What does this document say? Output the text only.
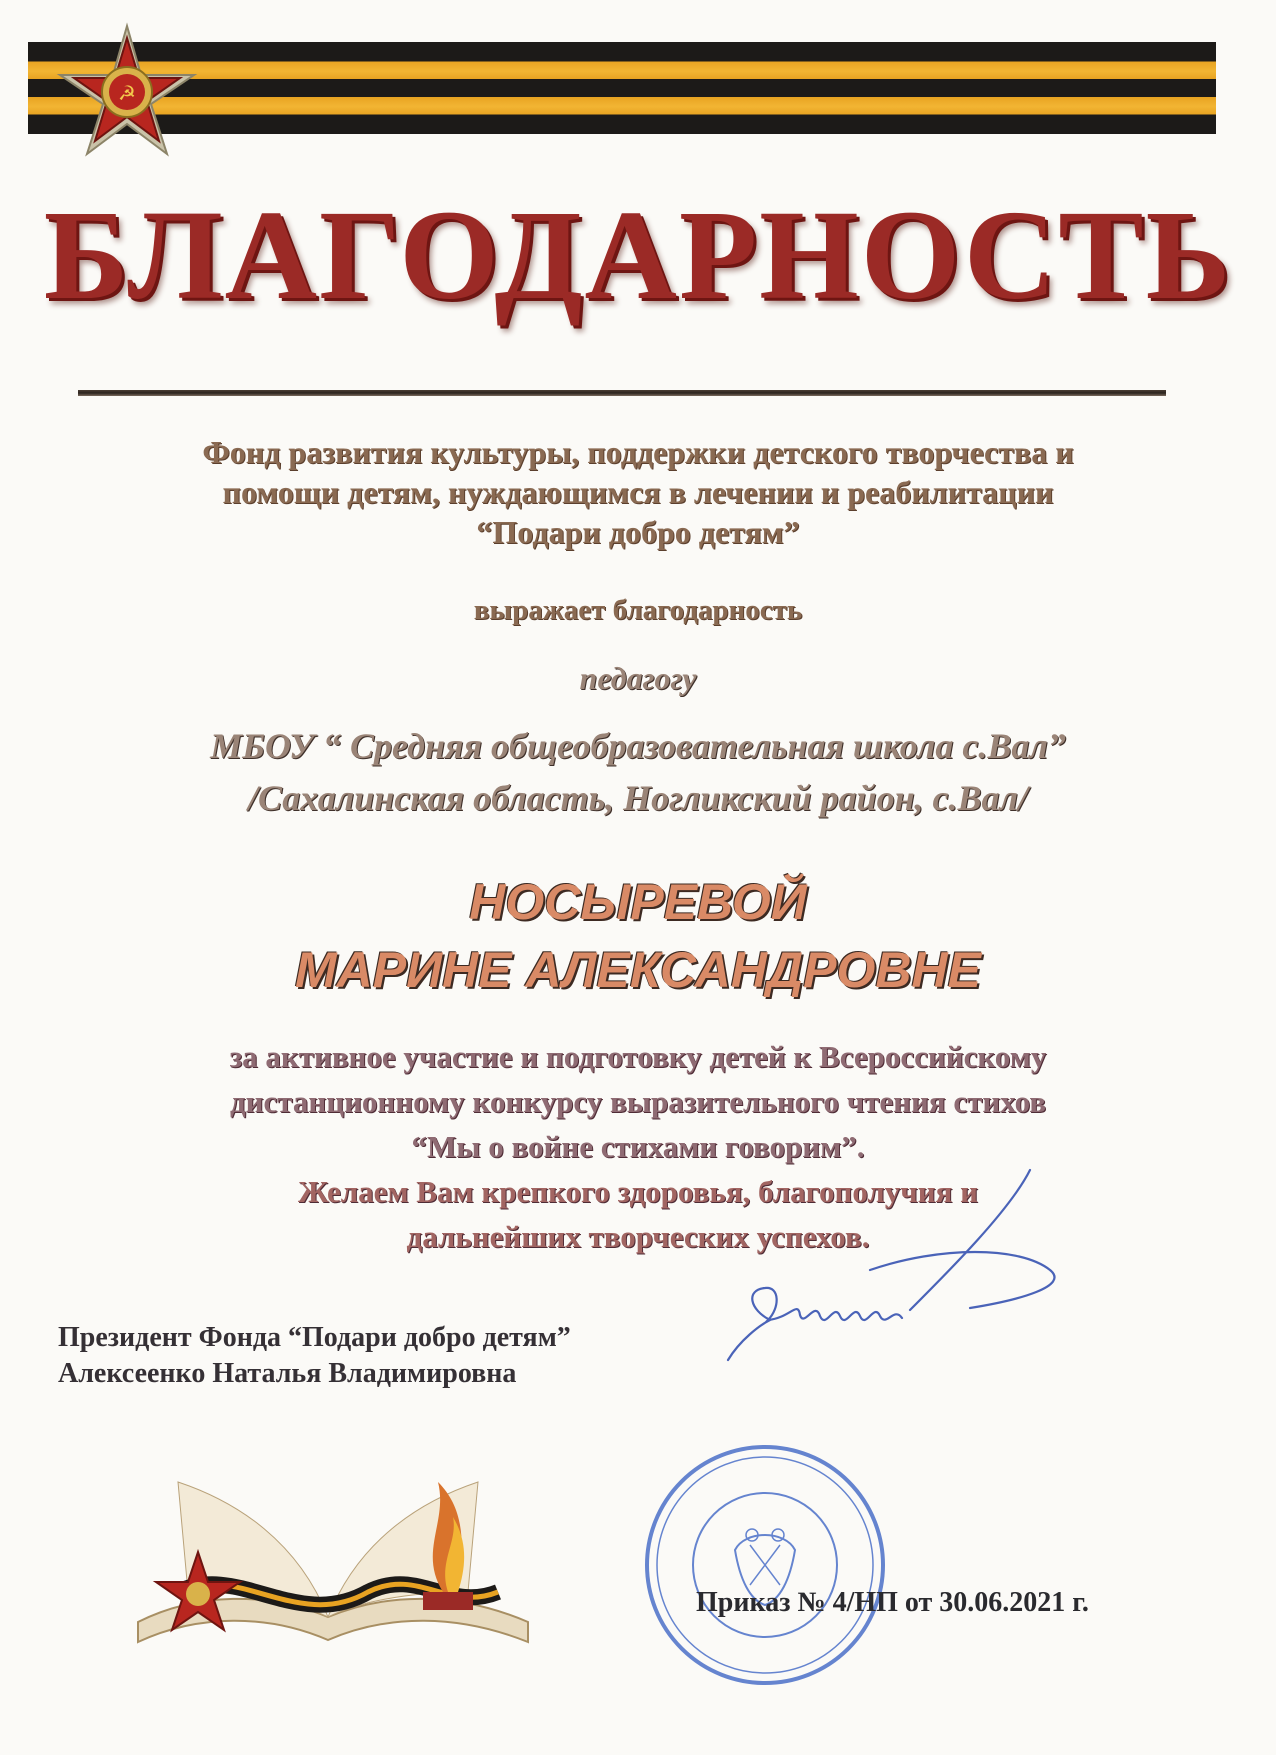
☭
БЛАГОДАРНОСТЬ
Фонд развития культуры, поддержки детского творчества и
помощи детям, нуждающимся в лечении и реабилитации
“Подари добро детям”
выражает благодарность
педагогу
МБОУ “ Средняя общеобразовательная школа с.Вал”
/Сахалинская область, Ногликский район, с.Вал/
НОСЫРЕВОЙ
МАРИНЕ АЛЕКСАНДРОВНЕ
за активное участие и подготовку детей к Всероссийскому
дистанционному конкурсу выразительного чтения стихов
“Мы о войне стихами говорим”.
Желаем Вам крепкого здоровья, благополучия и
дальнейших творческих успехов.
Президент Фонда “Подари добро детям”
Алексеенко Наталья Владимировна
Приказ № 4/НП от 30.06.2021 г.
